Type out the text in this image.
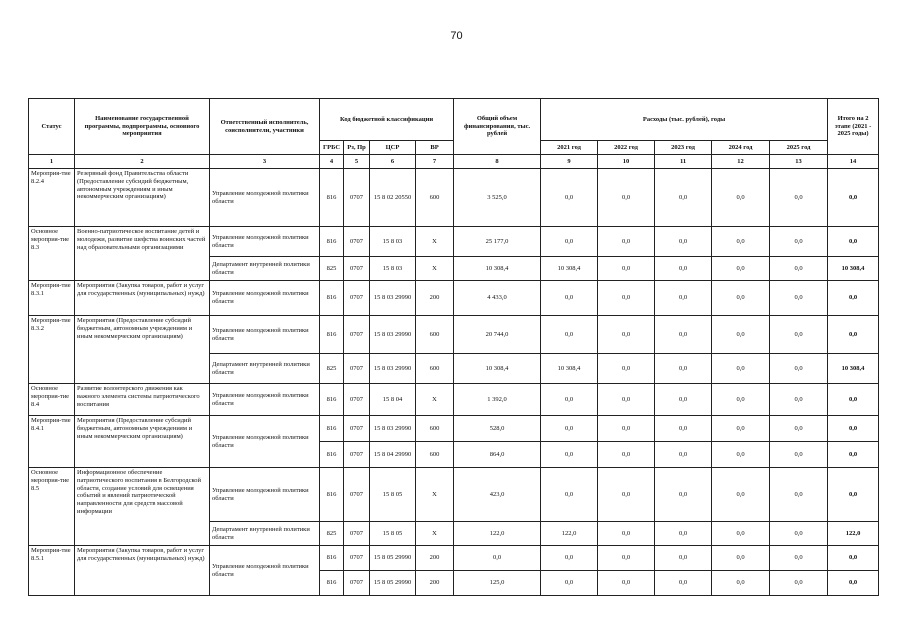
70
Статус	Наименование государственной программы, подпрограммы, основного мероприятия	Ответственный исполнитель, соисполнители, участники	Код бюджетной классификации				Общий объем финансирования, тыс. рублей	Расходы (тыс. рублей), годы					Итого на 2 этапе (2021 - 2025 годы)
			ГРБС	Рз, Пр	ЦСР	ВР		2021 год	2022 год	2023 год	2024 год	2025 год	
1	2	3	4	5	6	7	8	9	10	11	12	13	14
Мероприя-тие 8.2.4	Резервный фонд Правительства области (Предоставление субсидий бюджетным, автономным учреждениям и иным некоммерческим организациям)	Управление молодежной политики области	816	0707	15 8 02 20550	600	3 525,0	0,0	0,0	0,0	0,0	0,0	0,0
Основное мероприя-тие 8.3	Военно-патриотическое воспитание детей и молодежи, развитие шефства воинских частей над образовательными организациями	Управление молодежной политики области	816	0707	15 8 03	X	25 177,0	0,0	0,0	0,0	0,0	0,0	0,0
		Департамент внутренней политики области	825	0707	15 8 03	X	10 308,4	10 308,4	0,0	0,0	0,0	0,0	10 308,4
Мероприя-тие 8.3.1	Мероприятия (Закупка товаров, работ и услуг для государственных (муниципальных) нужд)	Управление молодежной политики области	816	0707	15 8 03 29990	200	4 433,0	0,0	0,0	0,0	0,0	0,0	0,0
Мероприя-тие 8.3.2	Мероприятия (Предоставление субсидий бюджетным, автономным учреждениям и иным некоммерческим организациям)	Управление молодежной политики области	816	0707	15 8 03 29990	600	20 744,0	0,0	0,0	0,0	0,0	0,0	0,0
		Департамент внутренней политики области	825	0707	15 8 03 29990	600	10 308,4	10 308,4	0,0	0,0	0,0	0,0	10 308,4
Основное мероприя-тие 8.4	Развитие волонтерского движения как важного элемента системы патриотического воспитания	Управление молодежной политики области	816	0707	15 8 04	X	1 392,0	0,0	0,0	0,0	0,0	0,0	0,0
Мероприя-тие 8.4.1	Мероприятия (Предоставление субсидий бюджетным, автономным учреждениям и иным некоммерческим организациям)	Управление молодежной политики области	816	0707	15 8 03 29990	600	528,0	0,0	0,0	0,0	0,0	0,0	0,0
			816	0707	15 8 04 29990	600	864,0	0,0	0,0	0,0	0,0	0,0	0,0
Основное мероприя-тие 8.5	Информационное обеспечение патриотического воспитания в Белгородской области, создание условий для освещения событий и явлений патриотической направленности для средств массовой информации	Управление молодежной политики области	816	0707	15 8 05	X	423,0	0,0	0,0	0,0	0,0	0,0	0,0
		Департамент внутренней политики области	825	0707	15 8 05	X	122,0	122,0	0,0	0,0	0,0	0,0	122,0
Мероприя-тие 8.5.1	Мероприятия (Закупка товаров, работ и услуг для государственных (муниципальных) нужд)	Управление молодежной политики области	816	0707	15 8 05 29990	200	0,0	0,0	0,0	0,0	0,0	0,0	0,0
			816	0707	15 8 05 29990	200	125,0	0,0	0,0	0,0	0,0	0,0	0,0
